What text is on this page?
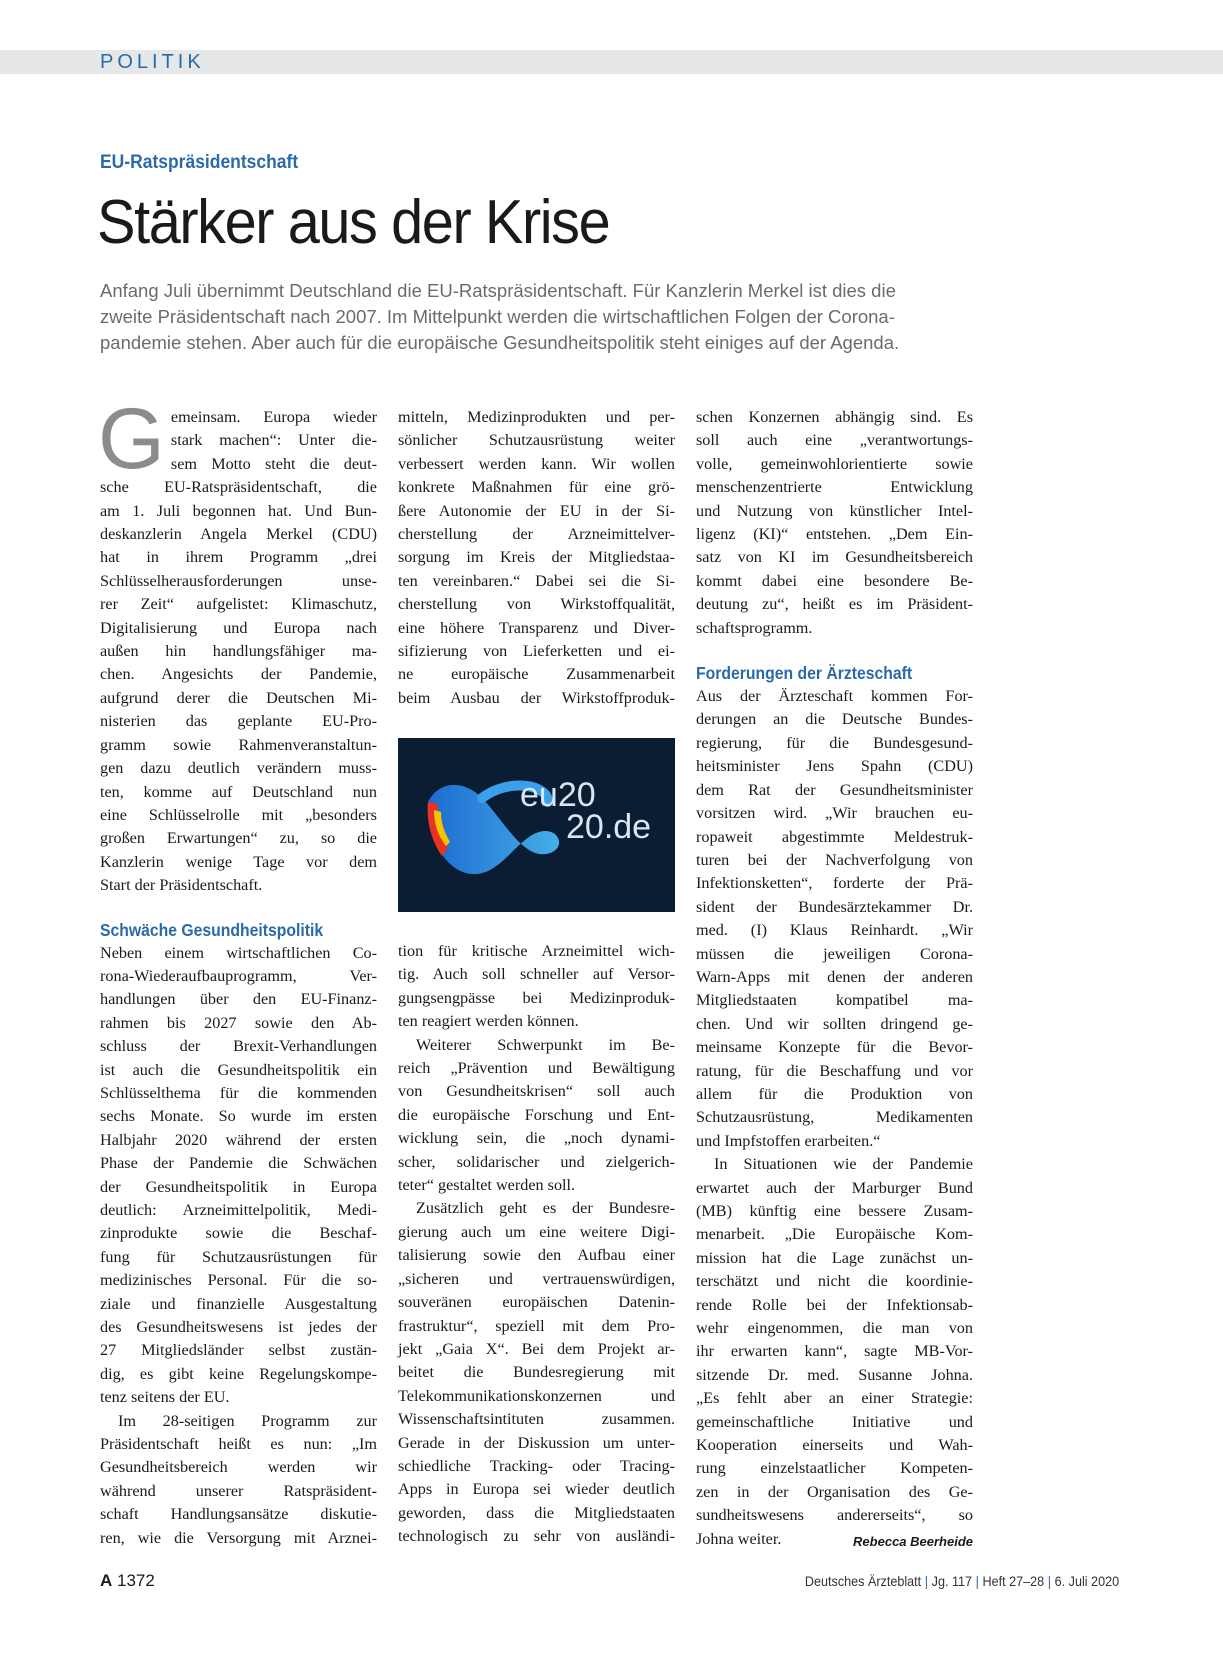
POLITIK
EU-Ratspräsidentschaft
Stärker aus der Krise
Anfang Juli übernimmt Deutschland die EU-Ratspräsidentschaft. Für Kanzlerin Merkel ist dies die
zweite Präsidentschaft nach 2007. Im Mittelpunkt werden die wirtschaftlichen Folgen der Corona-
pandemie stehen. Aber auch für die europäische Gesundheitspolitik steht einiges auf der Agenda.
G emeinsam. Europa wieder
stark machen“: Unter die-
sem Motto steht die deut-
sche EU-Ratspräsidentschaft, die
am 1. Juli begonnen hat. Und Bun-
deskanzlerin Angela Merkel (CDU)
hat in ihrem Programm „drei
Schlüsselherausforderungen unse-
rer Zeit“ aufgelistet: Klimaschutz,
Digitalisierung und Europa nach
außen hin handlungsfähiger ma-
chen. Angesichts der Pandemie,
aufgrund derer die Deutschen Mi-
nisterien das geplante EU-Pro-
gramm sowie Rahmenveranstaltun-
gen dazu deutlich verändern muss-
ten, komme auf Deutschland nun
eine Schlüsselrolle mit „besonders
großen Erwartungen“ zu, so die
Kanzlerin wenige Tage vor dem
Start der Präsidentschaft.
Schwäche Gesundheitspolitik
Neben einem wirtschaftlichen Co-
rona-Wiederaufbauprogramm, Ver-
handlungen über den EU-Finanz-
rahmen bis 2027 sowie den Ab-
schluss der Brexit-Verhandlungen
ist auch die Gesundheitspolitik ein
Schlüsselthema für die kommenden
sechs Monate. So wurde im ersten
Halbjahr 2020 während der ersten
Phase der Pandemie die Schwächen
der Gesundheitspolitik in Europa
deutlich: Arzneimittelpolitik, Medi-
zinprodukte sowie die Beschaf-
fung für Schutzausrüstungen für
medizinisches Personal. Für die so-
ziale und finanzielle Ausgestaltung
des Gesundheitswesens ist jedes der
27 Mitgliedsländer selbst zustän-
dig, es gibt keine Regelungskompe-
tenz seitens der EU.
Im 28-seitigen Programm zur
Präsidentschaft heißt es nun: „Im
Gesundheitsbereich werden wir
während unserer Ratspräsident-
schaft Handlungsansätze diskutie-
ren, wie die Versorgung mit Arznei-
mitteln, Medizinprodukten und per-
sönlicher Schutzausrüstung weiter
verbessert werden kann. Wir wollen
konkrete Maßnahmen für eine grö-
ßere Autonomie der EU in der Si-
cherstellung der Arzneimittelver-
sorgung im Kreis der Mitgliedstaa-
ten vereinbaren.“ Dabei sei die Si-
cherstellung von Wirkstoffqualität,
eine höhere Transparenz und Diver-
sifizierung von Lieferketten und ei-
ne europäische Zusammenarbeit
beim Ausbau der Wirkstoffproduk-
eu20
20.de
tion für kritische Arzneimittel wich-
tig. Auch soll schneller auf Versor-
gungsengpässe bei Medizinproduk-
ten reagiert werden können.
Weiterer Schwerpunkt im Be-
reich „Prävention und Bewältigung
von Gesundheitskrisen“ soll auch
die europäische Forschung und Ent-
wicklung sein, die „noch dynami-
scher, solidarischer und zielgerich-
teter“ gestaltet werden soll.
Zusätzlich geht es der Bundesre-
gierung auch um eine weitere Digi-
talisierung sowie den Aufbau einer
„sicheren und vertrauenswürdigen,
souveränen europäischen Datenin-
frastruktur“, speziell mit dem Pro-
jekt „Gaia X“. Bei dem Projekt ar-
beitet die Bundesregierung mit
Telekommunikationskonzernen und
Wissenschaftsintituten zusammen.
Gerade in der Diskussion um unter-
schiedliche Tracking- oder Tracing-
Apps in Europa sei wieder deutlich
geworden, dass die Mitgliedstaaten
technologisch zu sehr von ausländi-
schen Konzernen abhängig sind. Es
soll auch eine „verantwortungs-
volle, gemeinwohlorientierte sowie
menschenzentrierte Entwicklung
und Nutzung von künstlicher Intel-
ligenz (KI)“ entstehen. „Dem Ein-
satz von KI im Gesundheitsbereich
kommt dabei eine besondere Be-
deutung zu“, heißt es im Präsident-
schaftsprogramm.
Forderungen der Ärzteschaft
Aus der Ärzteschaft kommen For-
derungen an die Deutsche Bundes-
regierung, für die Bundesgesund-
heitsminister Jens Spahn (CDU)
dem Rat der Gesundheitsminister
vorsitzen wird. „Wir brauchen eu-
ropaweit abgestimmte Meldestruk-
turen bei der Nachverfolgung von
Infektionsketten“, forderte der Prä-
sident der Bundesärztekammer Dr.
med. (I) Klaus Reinhardt. „Wir
müssen die jeweiligen Corona-
Warn-Apps mit denen der anderen
Mitgliedstaaten kompatibel ma-
chen. Und wir sollten dringend ge-
meinsame Konzepte für die Bevor-
ratung, für die Beschaffung und vor
allem für die Produktion von
Schutzausrüstung, Medikamenten
und Impfstoffen erarbeiten.“
In Situationen wie der Pandemie
erwartet auch der Marburger Bund
(MB) künftig eine bessere Zusam-
menarbeit. „Die Europäische Kom-
mission hat die Lage zunächst un-
terschätzt und nicht die koordinie-
rende Rolle bei der Infektionsab-
wehr eingenommen, die man von
ihr erwarten kann“, sagte MB-Vor-
sitzende Dr. med. Susanne Johna.
„Es fehlt aber an einer Strategie:
gemeinschaftliche Initiative und
Kooperation einerseits und Wah-
rung einzelstaatlicher Kompeten-
zen in der Organisation des Ge-
sundheitswesens andererseits“, so
Johna weiter.	Rebecca Beerheide
A 1372	Deutsches Ärzteblatt | Jg. 117 | Heft 27–28 | 6. Juli 2020
